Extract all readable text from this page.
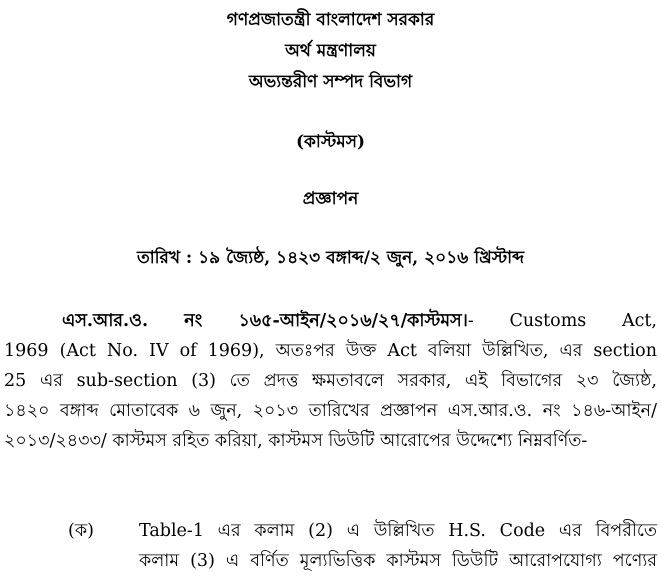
গণপ্রজাতন্ত্রী বাংলাদেশ সরকার
অর্থ মন্ত্রণালয়
অভ্যন্তরীণ সম্পদ বিভাগ
(কাস্টমস)
প্রজ্ঞাপন
তারিখ : ১৯ জ্যৈষ্ঠ, ১৪২৩ বঙ্গাব্দ/২ জুন, ২০১৬ খ্রিস্টাব্দ
এস.আর.ও. নং ১৬৫-আইন/২০১৬/২৭/কাস্টমস।- Customs Act,
1969 (Act No. IV of 1969), অতঃপর উক্ত Act বলিয়া উল্লিখিত, এর section
25 এর sub-section (3) তে প্রদত্ত ক্ষমতাবলে সরকার, এই বিভাগের ২৩ জ্যৈষ্ঠ,
১৪২০ বঙ্গাব্দ মোতাবেক ৬ জুন, ২০১৩ তারিখের প্রজ্ঞাপন এস.আর.ও. নং ১৪৬-আইন/
২০১৩/২৪৩৩/ কাস্টমস রহিত করিয়া, কাস্টমস ডিউটি আরোপের উদ্দেশ্যে নিম্নবর্ণিত-
(ক)	Table-1 এর কলাম (2) এ উল্লিখিত H.S. Code এর বিপরীতে
কলাম (3) এ বর্ণিত মূল্যভিত্তিক কাস্টমস ডিউটি আরোপযোগ্য পণ্যের
